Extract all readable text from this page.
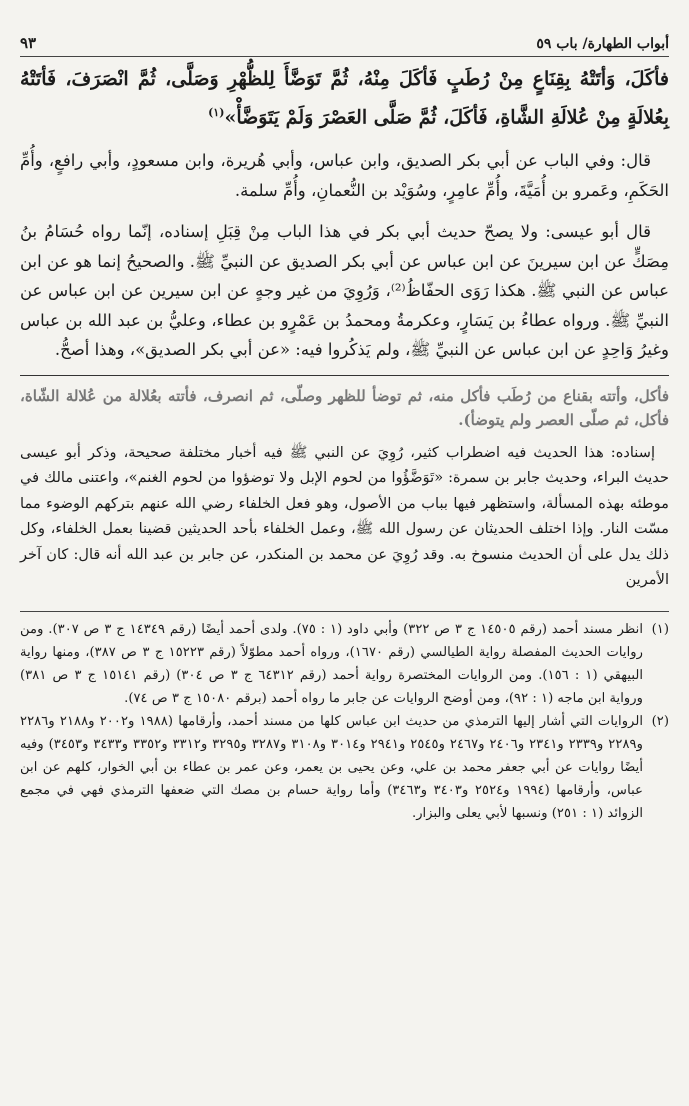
أبواب الطهارة/ باب ٥٩
٩٣

فأكَلَ، وَأتَتْهُ بِقِنَاعٍ مِنْ رُطَبٍ فَأكَلَ مِنْهُ، ثُمَّ تَوَضَّأَ لِلظُّهْرِ وَصَلَّى، ثُمَّ انْصَرَفَ، فَأتَتْهُ بِعُلالَةٍ مِنْ عُلالَةِ الشَّاةِ، فَأكَلَ، ثُمَّ صَلَّى العَصْرَ وَلَمْ يَتَوَضَّأْ»$^{(١)}$

قال: وفي الباب عن أبي بكر الصديق، وابن عباس، وأبي هُريرة، وابن مسعودٍ، وأبي رافعٍ، وأُمِّ الحَكَمِ، وعَمرو بن أُمَيَّةَ، وأُمِّ عامِرٍ، وسُوَيْد بن النُّعمانِ، وأُمِّ سلمة.

قال أبو عيسى: ولا يصحّ حديث أبي بكر في هذا الباب مِنْ قِبَلِ إسناده، إنّما رواه حُسَامُ بنُ مِصَكٍّ عن ابن سيرينَ عن ابن عباس عن أبي بكر الصديق عن النبيِّ ﷺ. والصحيحُ إنما هو عن ابن عباس عن النبي ﷺ. هكذا رَوَى الحفّاظُ⁽²⁾، وَرُوِيَ من غير وجهٍ عن ابن سيرين عن ابن عباس عن النبيِّ ﷺ. ورواه عطاءُ بن يَسَارٍ، وعكرمةُ ومحمدُ بن عَمْرٍو بن عطاء، وعليُّ بن عبد الله بن عباس وغيرُ وَاحِدٍ عن ابن عباس عن النبيِّ ﷺ، ولم يَذكُروا فيه: «عن أبي بكر الصديق»، وهذا أصحُّ.

فأكل، وأتته بقناع من رُطَب فأكل منه، ثم توضأ للظهر وصلّى، ثم انصرف، فأتته بعُلالة من عُلالة الشّاة، فأكل، ثم صلّى العصر ولم يتوضأ).

إسناده: هذا الحديث فيه اضطراب كثير، رُوِيَ عن النبي ﷺ فيه أخبار مختلفة صحيحة، وذكر أبو عيسى حديث البراء، وحديث جابر بن سمرة: «تَوَضَّؤُوا من لحوم الإبل ولا توضؤوا من لحوم الغنم»، واعتنى مالك في موطئه بهذه المسألة، واستظهر فيها بباب من الأصول، وهو فعل الخلفاء رضي الله عنهم بتركهم الوضوء مما مسّت النار. وإذا اختلف الحديثان عن رسول الله ﷺ، وعمل الخلفاء بأحد الحديثين قضينا بعمل الخلفاء، وكل ذلك يدل على أن الحديث منسوخ به. وقد رُوِيَ عن محمد بن المنكدر، عن جابر بن عبد الله أنه قال: كان آخر الأمرين

(١)
انظر مسند أحمد (رقم ١٤٥٠٥ ج ٣ ص ٣٢٢) وأبي داود (١ : ٧٥). ولدى أحمد أيضًا (رقم ١٤٣٤٩ ج ٣ ص ٣٠٧). ومن روايات الحديث المفصلة رواية الطيالسي (رقم ١٦٧٠)، ورواه أحمد مطوّلاً (رقم ١٥٢٢٣ ج ٣ ص ٣٨٧)، ومنها رواية البيهقي (١ : ١٥٦). ومن الروايات المختصرة رواية أحمد (رقم ٦٤٣١٢ ج ٣ ص ٣٠٤) (رقم ١٥١٤١ ج ٣ ص ٣٨١) ورواية ابن ماجه (١ : ٩٢)، ومن أوضح الروايات عن جابر ما رواه أحمد (برقم ١٥٠٨٠ ج ٣ ص ٧٤).
(٢)
الروايات التي أشار إليها الترمذي من حديث ابن عباس كلها من مسند أحمد، وأرقامها (١٩٨٨ و٢٠٠٢ و٢١٨٨ و٢٢٨٦ و٢٢٨٩ و٢٣٣٩ و٢٣٤١ و٢٤٠٦ و٢٤٦٧ و٢٥٤٥ و٢٩٤١ و٣٠١٤ و٣١٠٨ و٣٢٨٧ و٣٢٩٥ و٣٣١٢ و٣٣٥٢ و٣٤٣٣ و٣٤٥٣) وفيه أيضًا روايات عن أبي جعفر محمد بن علي، وعن يحيى بن يعمر، وعن عمر بن عطاء بن أبي الخوار، كلهم عن ابن عباس، وأرقامها (١٩٩٤ و٢٥٢٤ و٣٤٠٣ و٣٤٦٣) وأما رواية حسام بن مصك التي ضعفها الترمذي فهي في مجمع الزوائد (١ : ٢٥١) ونسبها لأبي يعلى والبزار.
